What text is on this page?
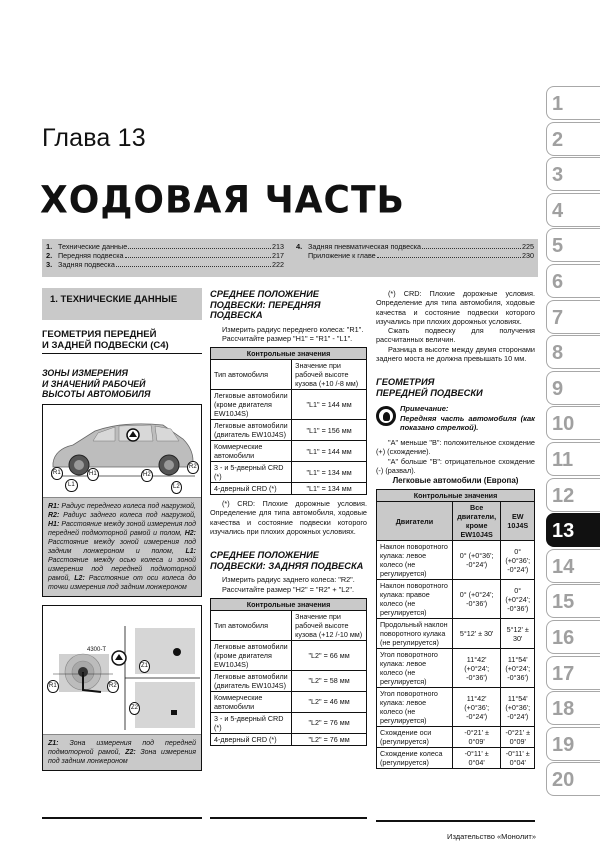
Глава 13
ХОДОВАЯ ЧАСТЬ
1. Технические данные	213
2. Передняя подвеска	217
3. Задняя подвеска	222
4. Задняя пневматическая подвеска	225
Приложение к главе	230
1
2
3
4
5
6
7
8
9
10
11
12
13
14
15
16
17
18
19
20
1. ТЕХНИЧЕСКИЕ ДАННЫЕ
ГЕОМЕТРИЯ ПЕРЕДНЕЙ
И ЗАДНЕЙ ПОДВЕСКИ (C4)
ЗОНЫ ИЗМЕРЕНИЯ
И ЗНАЧЕНИЙ РАБОЧЕЙ
ВЫСОТЫ АВТОМОБИЛЯ
R1
L1
H1	H2
L2
R2
R1: Радиус переднего колеса под нагрузкой, R2: Радиус заднего колеса под нагрузкой, H1: Расстояние между зоной измерения под передней подмоторной рамой и полом, H2: Расстояние между зоной измерения под задним лонжероном и полом, L1: Расстояние между осью колеса и зоной измерения под передней подмоторной рамой, L2: Расстояние от оси колеса до точки измерения под задним лонжероном
4300-T
R1	R2
Z1
Z2
Z1: Зона измерения под передней подмоторной рамой, Z2: Зона измерения под задним лонжероном
СРЕДНЕЕ ПОЛОЖЕНИЕ
ПОДВЕСКИ: ПЕРЕДНЯЯ
ПОДВЕСКА
Измерить радиус переднего колеса: "R1".
Рассчитайте размер "H1" = "R1" - "L1".
Контрольные значения	
Тип автомобиля	Значение при рабочей высоте кузова (+10 /-8 мм)
Легковые автомобили (кроме двигателя EW10J4S)	"L1" = 144 мм
Легковые автомобили (двигатель EW10J4S)	"L1" = 156 мм
Коммерческие автомобили	"L1" = 144 мм
3 - и 5-дверный CRD (*)	"L1" = 134 мм
4-дверный CRD (*)	"L1" = 134 мм
(*) CRD: Плохие дорожные условия. Определение для типа автомобиля, ходовые качества и состояние подвески которого изучались при плохих дорожных условиях.
СРЕДНЕЕ ПОЛОЖЕНИЕ
ПОДВЕСКИ: ЗАДНЯЯ ПОДВЕСКА
Измерить радиус заднего колеса: "R2".
Рассчитайте размер "H2" = "R2" + "L2".
Контрольные значения	
Тип автомобиля	Значение при рабочей высоте кузова (+12 /-10 мм)
Легковые автомобили (кроме двигателя EW10J4S)	"L2" = 66 мм
Легковые автомобили (двигатель EW10J4S)	"L2" = 58 мм
Коммерческие автомобили	"L2" = 46 мм
3 - и 5-дверный CRD (*)	"L2" = 76 мм
4-дверный CRD (*)	"L2" = 76 мм
(*) CRD: Плохие дорожные условия. Определение для типа автомобиля, ходовые качества и состояние подвески которого изучались при плохих дорожных условиях.
Сжать подвеску для получения рассчитанных величин.
Разница в высоте между двумя сторонами заднего моста не должна превышать 10 мм.
ГЕОМЕТРИЯ
ПЕРЕДНЕЙ ПОДВЕСКИ
Примечание:
Передняя часть автомобиля (как показано стрелкой).
"A" меньше "B": положительное схождение (+) (схождение).
"A" больше "B": отрицательное схождение (-) (развал).
Легковые автомобили (Европа)
Контрольные значения		
Двигатели	Все двигатели, кроме EW10J4S	EW 10J4S
Наклон поворотного кулака: левое колесо (не регулируется)	0° (+0°36'; -0°24')	0° (+0°36'; -0°24')
Наклон поворотного кулака: правое колесо (не регулируется)	0° (+0°24'; -0°36')	0° (+0°24'; -0°36')
Продольный наклон поворотного кулака (не регулируется)	5°12' ± 30'	5°12' ± 30'
Угол поворотного кулака: левое колесо (не регулируется)	11°42' (+0°24'; -0°36')	11°54' (+0°24'; -0°36')
Угол поворотного кулака: левое колесо (не регулируется)	11°42' (+0°36'; -0°24')	11°54' (+0°36'; -0°24')
Схождение оси (регулируется)	-0°21' ± 0°09'	-0°21' ± 0°09'
Схождение колеса (регулируется)	-0°11' ± 0°04'	-0°11' ± 0°04'
Издательство «Монолит»
